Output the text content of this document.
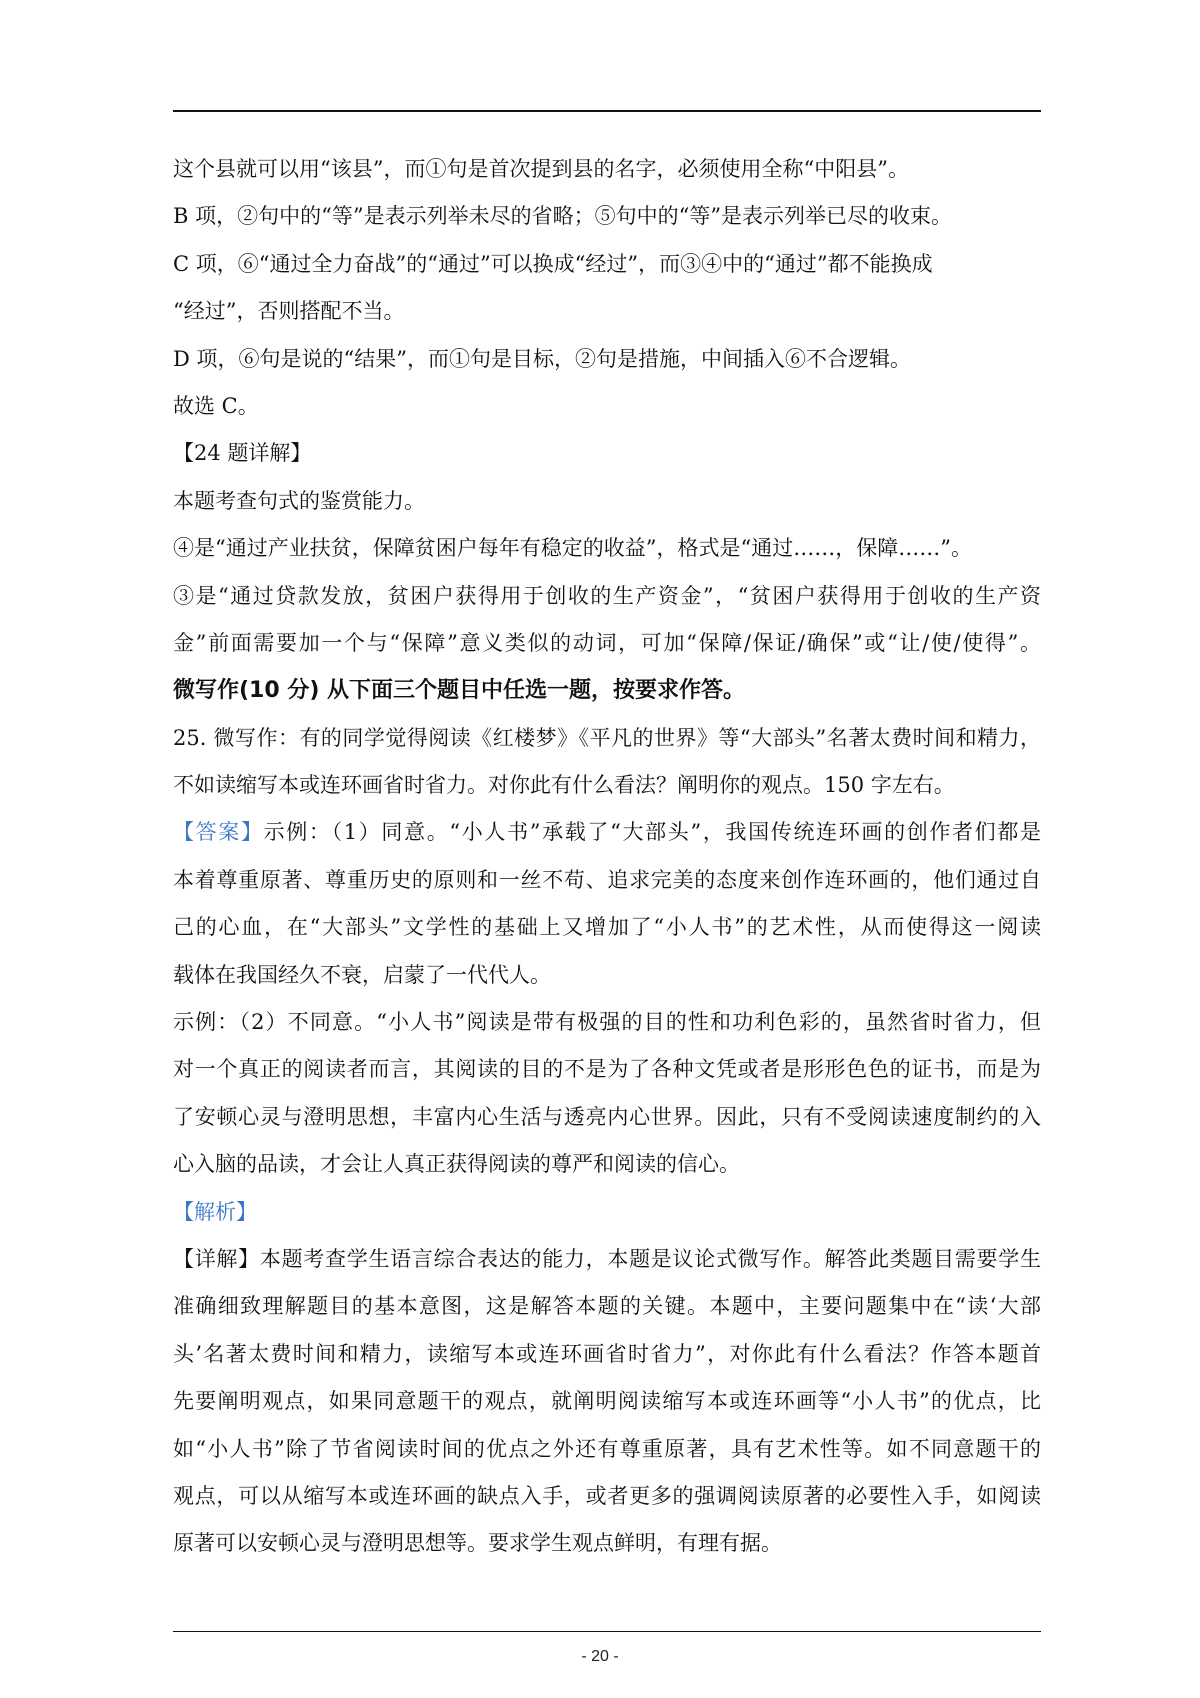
这个县就可以用“该县”，而①句是首次提到县的名字，必须使用全称“中阳县”。
B 项，②句中的“等”是表示列举未尽的省略；⑤句中的“等”是表示列举已尽的收束。
C 项，⑥“通过全力奋战”的“通过”可以换成“经过”，而③④中的“通过”都不能换成
“经过”，否则搭配不当。
D 项，⑥句是说的“结果”，而①句是目标，②句是措施，中间插入⑥不合逻辑。
故选 C。
【24 题详解】
本题考查句式的鉴赏能力。
④是“通过产业扶贫，保障贫困户每年有稳定的收益”，格式是“通过……，保障……”。
③是“通过贷款发放，贫困户获得用于创收的生产资金”，“贫困户获得用于创收的生产资
金”前面需要加一个与“保障”意义类似的动词，可加“保障/保证/确保”或“让/使/使得”。
微写作(10 分) 从下面三个题目中任选一题，按要求作答。
25. 微写作：有的同学觉得阅读《红楼梦》《平凡的世界》等“大部头”名著太费时间和精力，
不如读缩写本或连环画省时省力。对你此有什么看法？阐明你的观点。150 字左右。
【答案】示例：（1）同意。“小人书”承载了“大部头”，我国传统连环画的创作者们都是
本着尊重原著、尊重历史的原则和一丝不苟、追求完美的态度来创作连环画的，他们通过自
己的心血，在“大部头”文学性的基础上又增加了“小人书”的艺术性，从而使得这一阅读
载体在我国经久不衰，启蒙了一代代人。
示例：（2）不同意。“小人书”阅读是带有极强的目的性和功利色彩的，虽然省时省力，但
对一个真正的阅读者而言，其阅读的目的不是为了各种文凭或者是形形色色的证书，而是为
了安顿心灵与澄明思想，丰富内心生活与透亮内心世界。因此，只有不受阅读速度制约的入
心入脑的品读，才会让人真正获得阅读的尊严和阅读的信心。
【解析】
【详解】本题考查学生语言综合表达的能力，本题是议论式微写作。解答此类题目需要学生
准确细致理解题目的基本意图，这是解答本题的关键。本题中，主要问题集中在“读‘大部
头’名著太费时间和精力，读缩写本或连环画省时省力”，对你此有什么看法？作答本题首
先要阐明观点，如果同意题干的观点，就阐明阅读缩写本或连环画等“小人书”的优点，比
如“小人书”除了节省阅读时间的优点之外还有尊重原著，具有艺术性等。如不同意题干的
观点，可以从缩写本或连环画的缺点入手，或者更多的强调阅读原著的必要性入手，如阅读
原著可以安顿心灵与澄明思想等。要求学生观点鲜明，有理有据。
- 20 -
